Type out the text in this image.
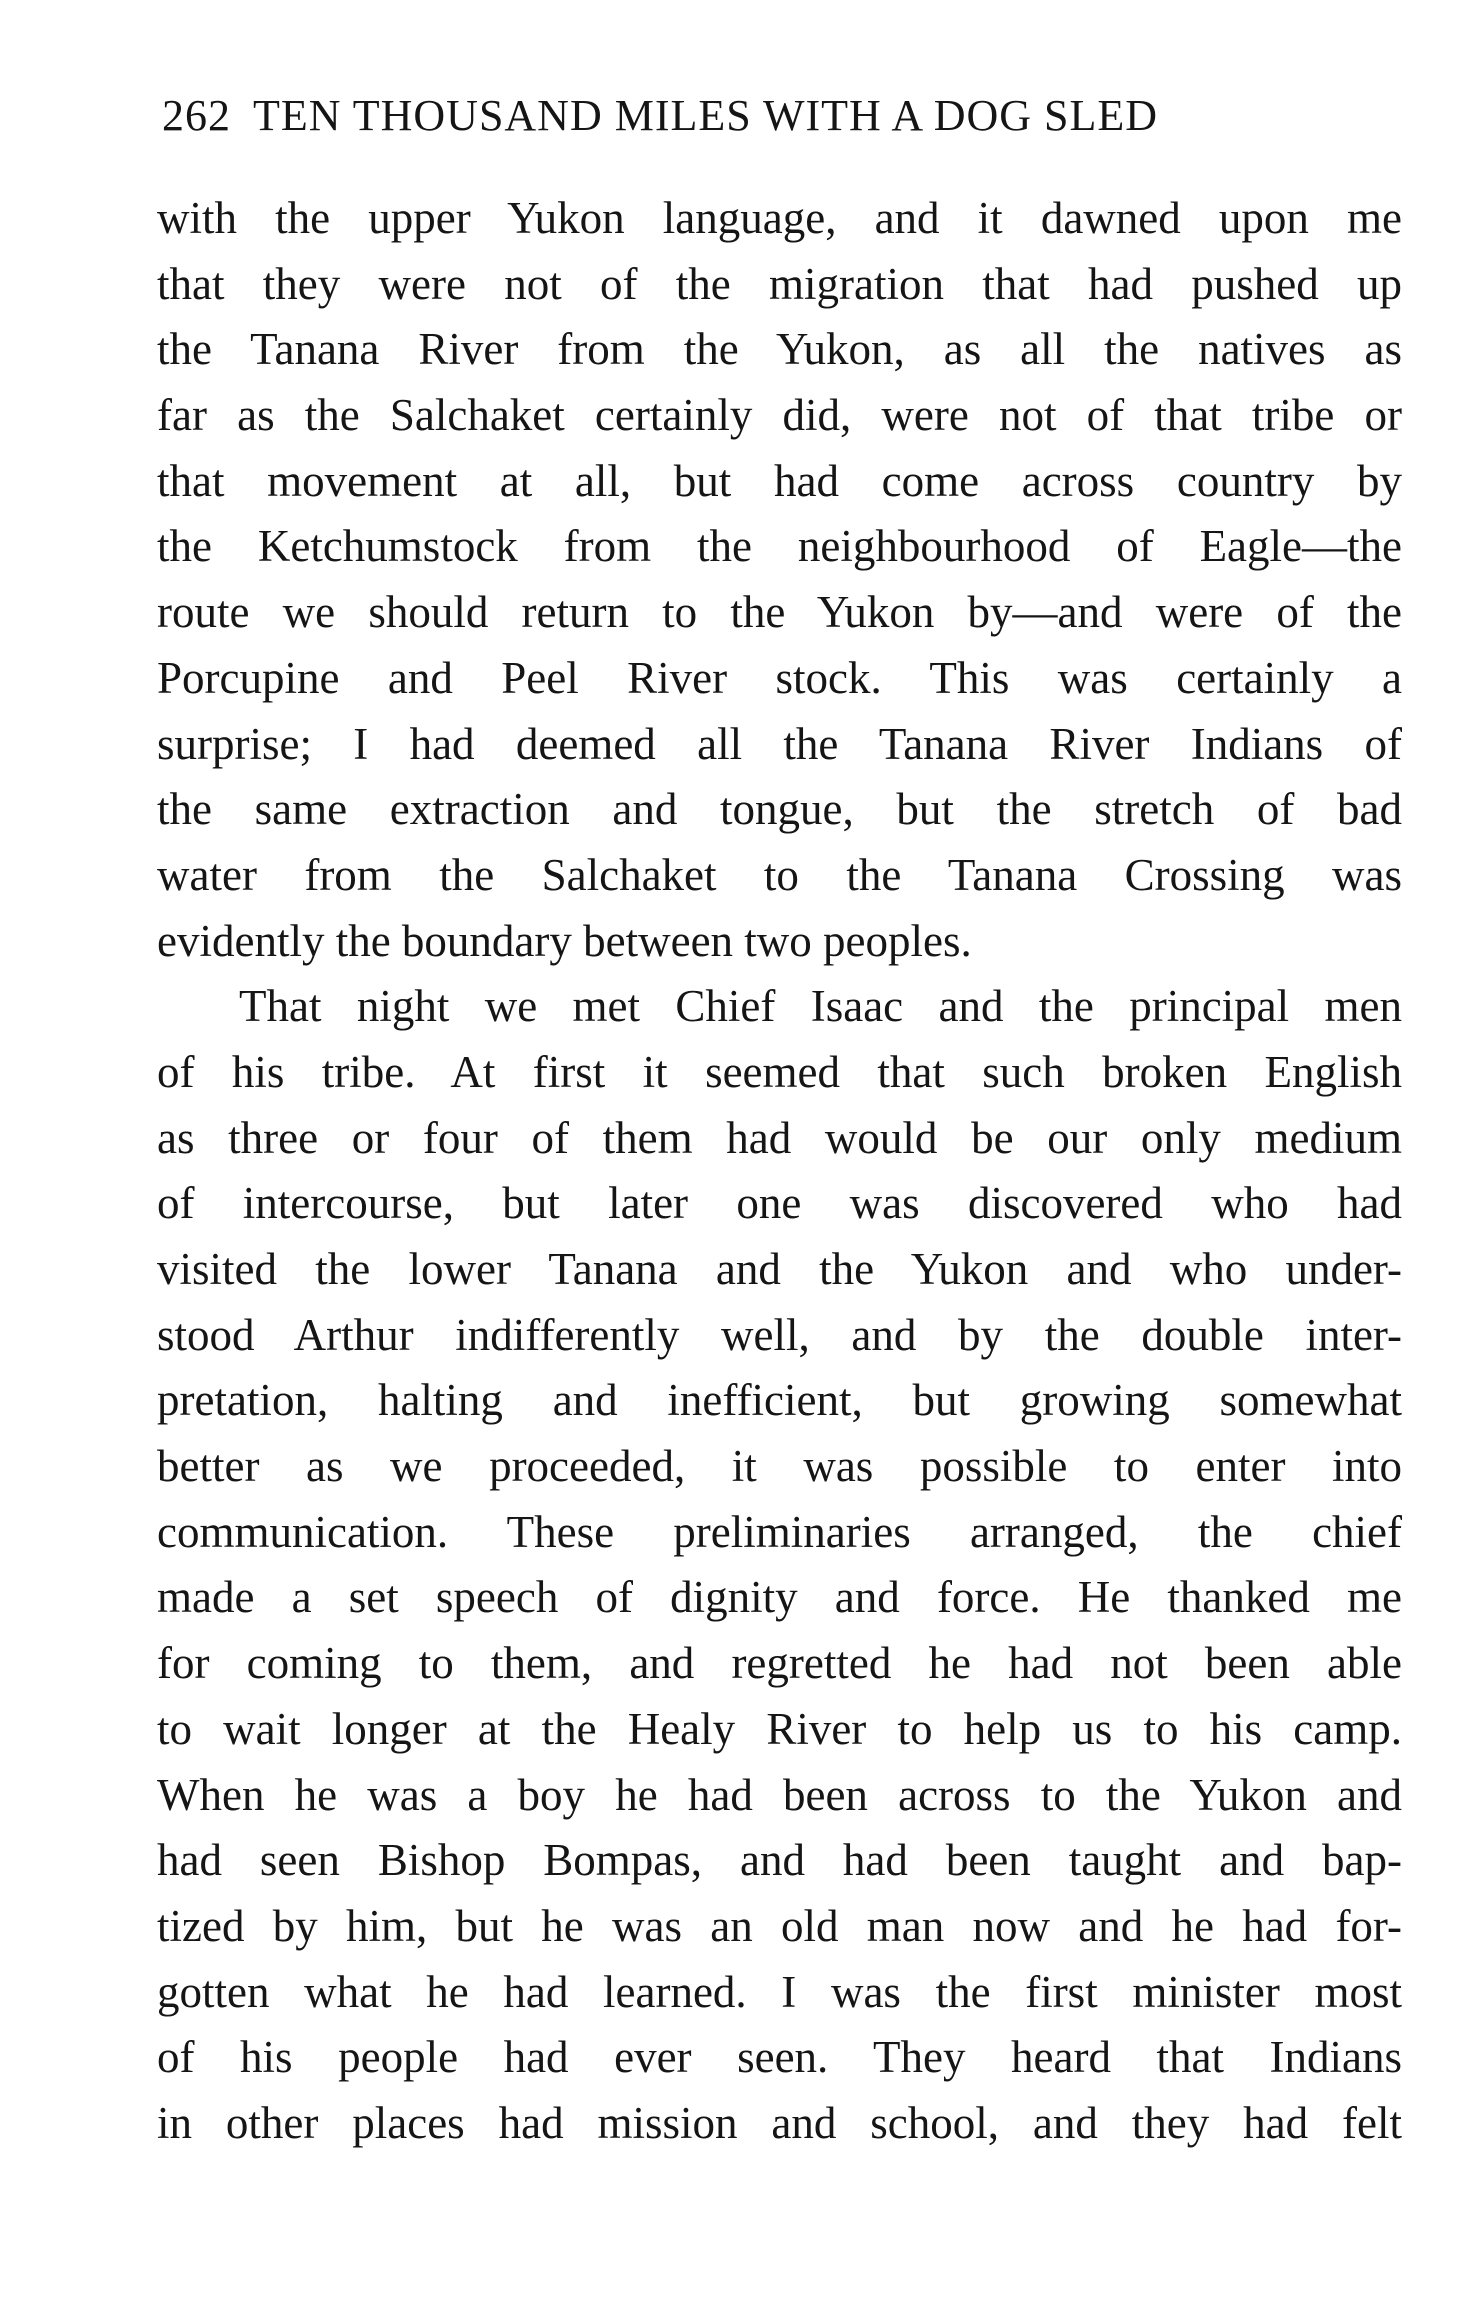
262 TEN THOUSAND MILES WITH A DOG SLED
with the upper Yukon language, and it dawned upon me
that they were not of the migration that had pushed up
the Tanana River from the Yukon, as all the natives as
far as the Salchaket certainly did, were not of that tribe or
that movement at all, but had come across country by
the Ketchumstock from the neighbourhood of Eagle—the
route we should return to the Yukon by—and were of the
Porcupine and Peel River stock. This was certainly a
surprise; I had deemed all the Tanana River Indians of
the same extraction and tongue, but the stretch of bad
water from the Salchaket to the Tanana Crossing was
evidently the boundary between two peoples.
That night we met Chief Isaac and the principal men
of his tribe. At first it seemed that such broken English
as three or four of them had would be our only medium
of intercourse, but later one was discovered who had
visited the lower Tanana and the Yukon and who under-
stood Arthur indifferently well, and by the double inter-
pretation, halting and inefficient, but growing somewhat
better as we proceeded, it was possible to enter into
communication. These preliminaries arranged, the chief
made a set speech of dignity and force. He thanked me
for coming to them, and regretted he had not been able
to wait longer at the Healy River to help us to his camp.
When he was a boy he had been across to the Yukon and
had seen Bishop Bompas, and had been taught and bap-
tized by him, but he was an old man now and he had for-
gotten what he had learned. I was the first minister most
of his people had ever seen. They heard that Indians
in other places had mission and school, and they had felt
